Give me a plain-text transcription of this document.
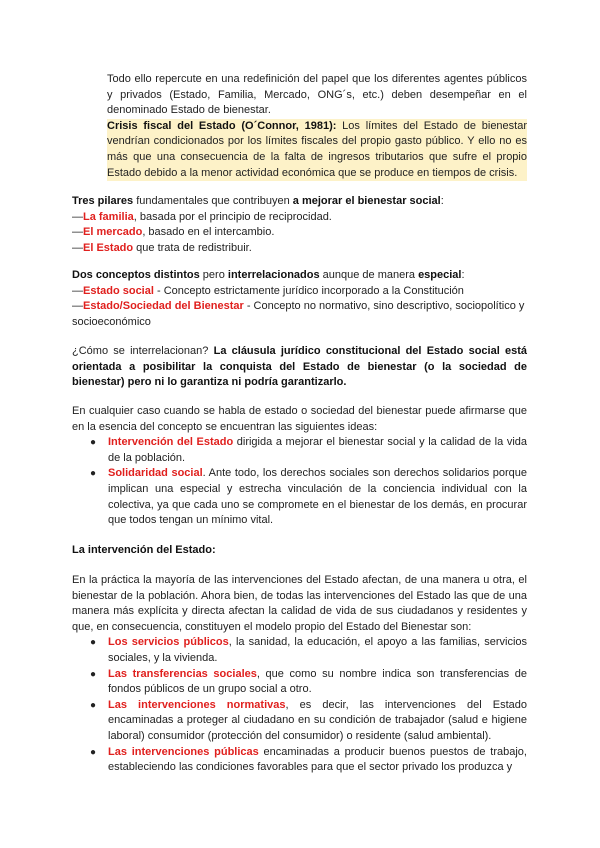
Todo ello repercute en una redefinición del papel que los diferentes agentes públicos y privados (Estado, Familia, Mercado, ONG´s, etc.) deben desempeñar en el denominado Estado de bienestar.

Crisis fiscal del Estado (O´Connor, 1981): Los límites del Estado de bienestar vendrían condicionados por los límites fiscales del propio gasto público. Y ello no es más que una consecuencia de la falta de ingresos tributarios que sufre el propio Estado debido a la menor actividad económica que se produce en tiempos de crisis.

Tres pilares fundamentales que contribuyen a mejorar el bienestar social:

—La familia, basada por el principio de reciprocidad.

—El mercado, basado en el intercambio.

—El Estado que trata de redistribuir.

Dos conceptos distintos pero interrelacionados aunque de manera especial:

—Estado social - Concepto estrictamente jurídico incorporado a la Constitución

—Estado/Sociedad del Bienestar - Concepto no normativo, sino descriptivo, sociopolítico y socioeconómico

¿Cómo se interrelacionan? La cláusula jurídico constitucional del Estado social está orientada a posibilitar la conquista del Estado de bienestar (o la sociedad de bienestar) pero ni lo garantiza ni podría garantizarlo.

En cualquier caso cuando se habla de estado o sociedad del bienestar puede afirmarse que en la esencia del concepto se encuentran las siguientes ideas:

● Intervención del Estado dirigida a mejorar el bienestar social y la calidad de la vida de la población.
● Solidaridad social. Ante todo, los derechos sociales son derechos solidarios porque implican una especial y estrecha vinculación de la conciencia individual con la colectiva, ya que cada uno se compromete en el bienestar de los demás, en procurar que todos tengan un mínimo vital.

La intervención del Estado:

En la práctica la mayoría de las intervenciones del Estado afectan, de una manera u otra, el bienestar de la población. Ahora bien, de todas las intervenciones del Estado las que de una manera más explícita y directa afectan la calidad de vida de sus ciudadanos y residentes y que, en consecuencia, constituyen el modelo propio del Estado del Bienestar son:

● Los servicios públicos, la sanidad, la educación, el apoyo a las familias, servicios sociales, y la vivienda.
● Las transferencias sociales, que como su nombre indica son transferencias de fondos públicos de un grupo social a otro.
● Las intervenciones normativas, es decir, las intervenciones del Estado encaminadas a proteger al ciudadano en su condición de trabajador (salud e higiene laboral) consumidor (protección del consumidor) o residente (salud ambiental).
● Las intervenciones públicas encaminadas a producir buenos puestos de trabajo, estableciendo las condiciones favorables para que el sector privado los produzca y
